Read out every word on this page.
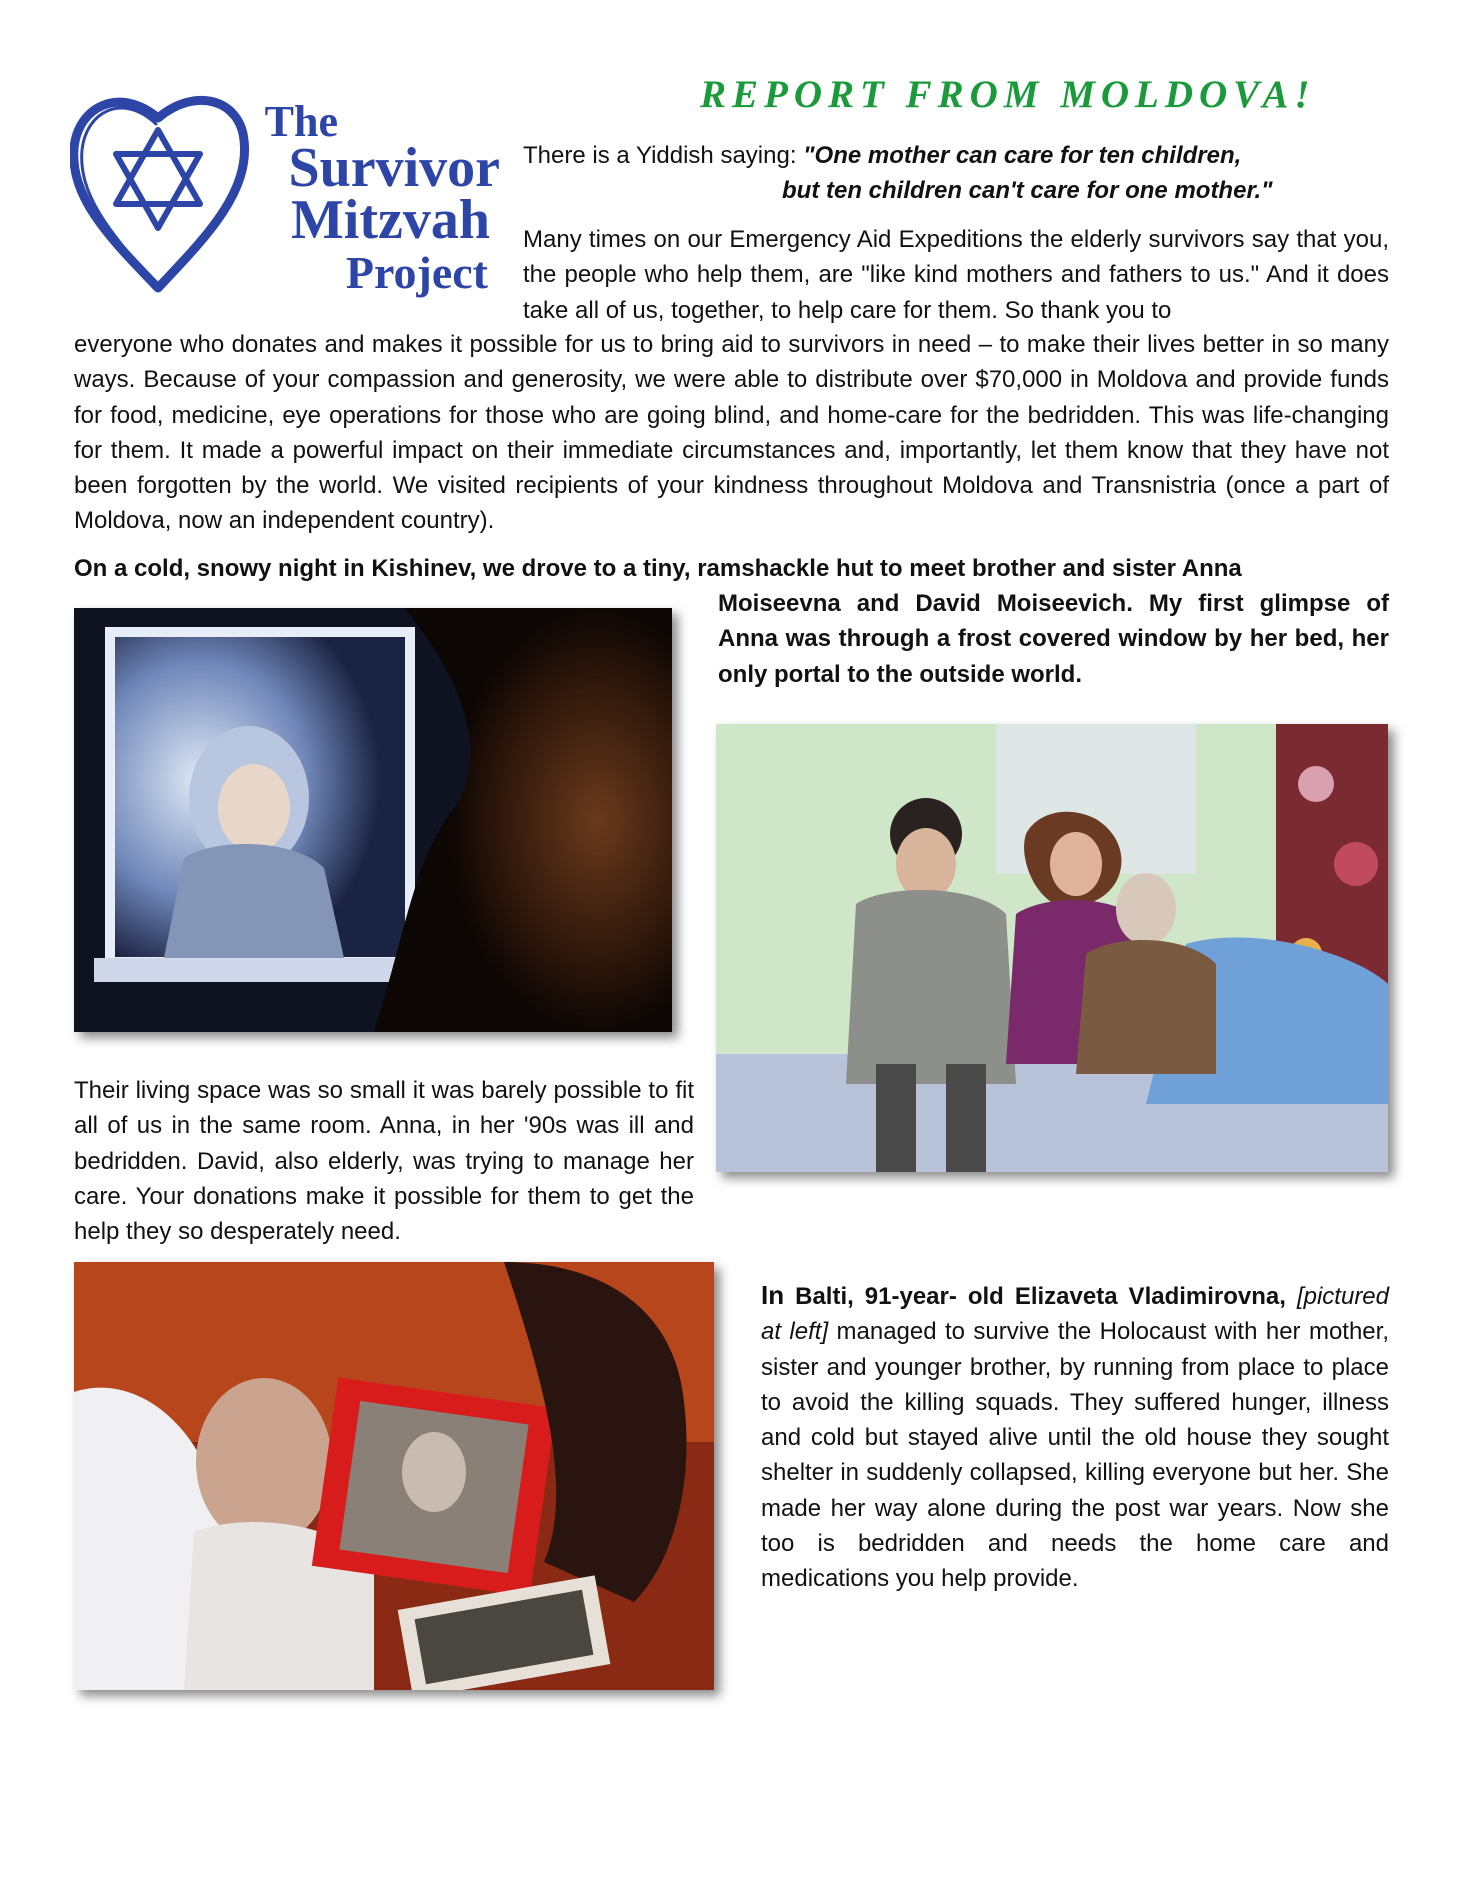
The
Survivor
Mitzvah
Project
REPORT FROM MOLDOVA!
There is a Yiddish saying: "One mother can care for ten children,
but ten children can't care for one mother."
Many times on our Emergency Aid Expeditions the elderly survivors say that you, the people who help them, are "like kind mothers and fathers to us." And it does take all of us, together, to help care for them. So thank you to
everyone who donates and makes it possible for us to bring aid to survivors in need – to make their lives better in so many ways. Because of your compassion and generosity, we were able to distribute over $70,000 in Moldova and provide funds for food, medicine, eye operations for those who are going blind, and home-care for the bedridden. This was life-changing for them. It made a powerful impact on their immediate circumstances and, importantly, let them know that they have not been forgotten by the world. We visited recipients of your kindness throughout Moldova and Transnistria (once a part of Moldova, now an independent country).
On a cold, snowy night in Kishinev, we drove to a tiny, ramshackle hut to meet brother and sister Anna
Moiseevna and David Moiseevich. My first glimpse of Anna was through a frost covered window by her bed, her only portal to the outside world.
Their living space was so small it was barely possible to fit all of us in the same room. Anna, in her '90s was ill and bedridden. David, also elderly, was trying to manage her care. Your donations make it possible for them to get the help they so desperately need.
In Balti, 91-year- old Elizaveta Vladimirovna, [pictured at left] managed to survive the Holocaust with her mother, sister and younger brother, by running from place to place to avoid the killing squads. They suffered hunger, illness and cold but stayed alive until the old house they sought shelter in suddenly collapsed, killing everyone but her. She made her way alone during the post war years. Now she too is bedridden and needs the home care and medications you help provide.
